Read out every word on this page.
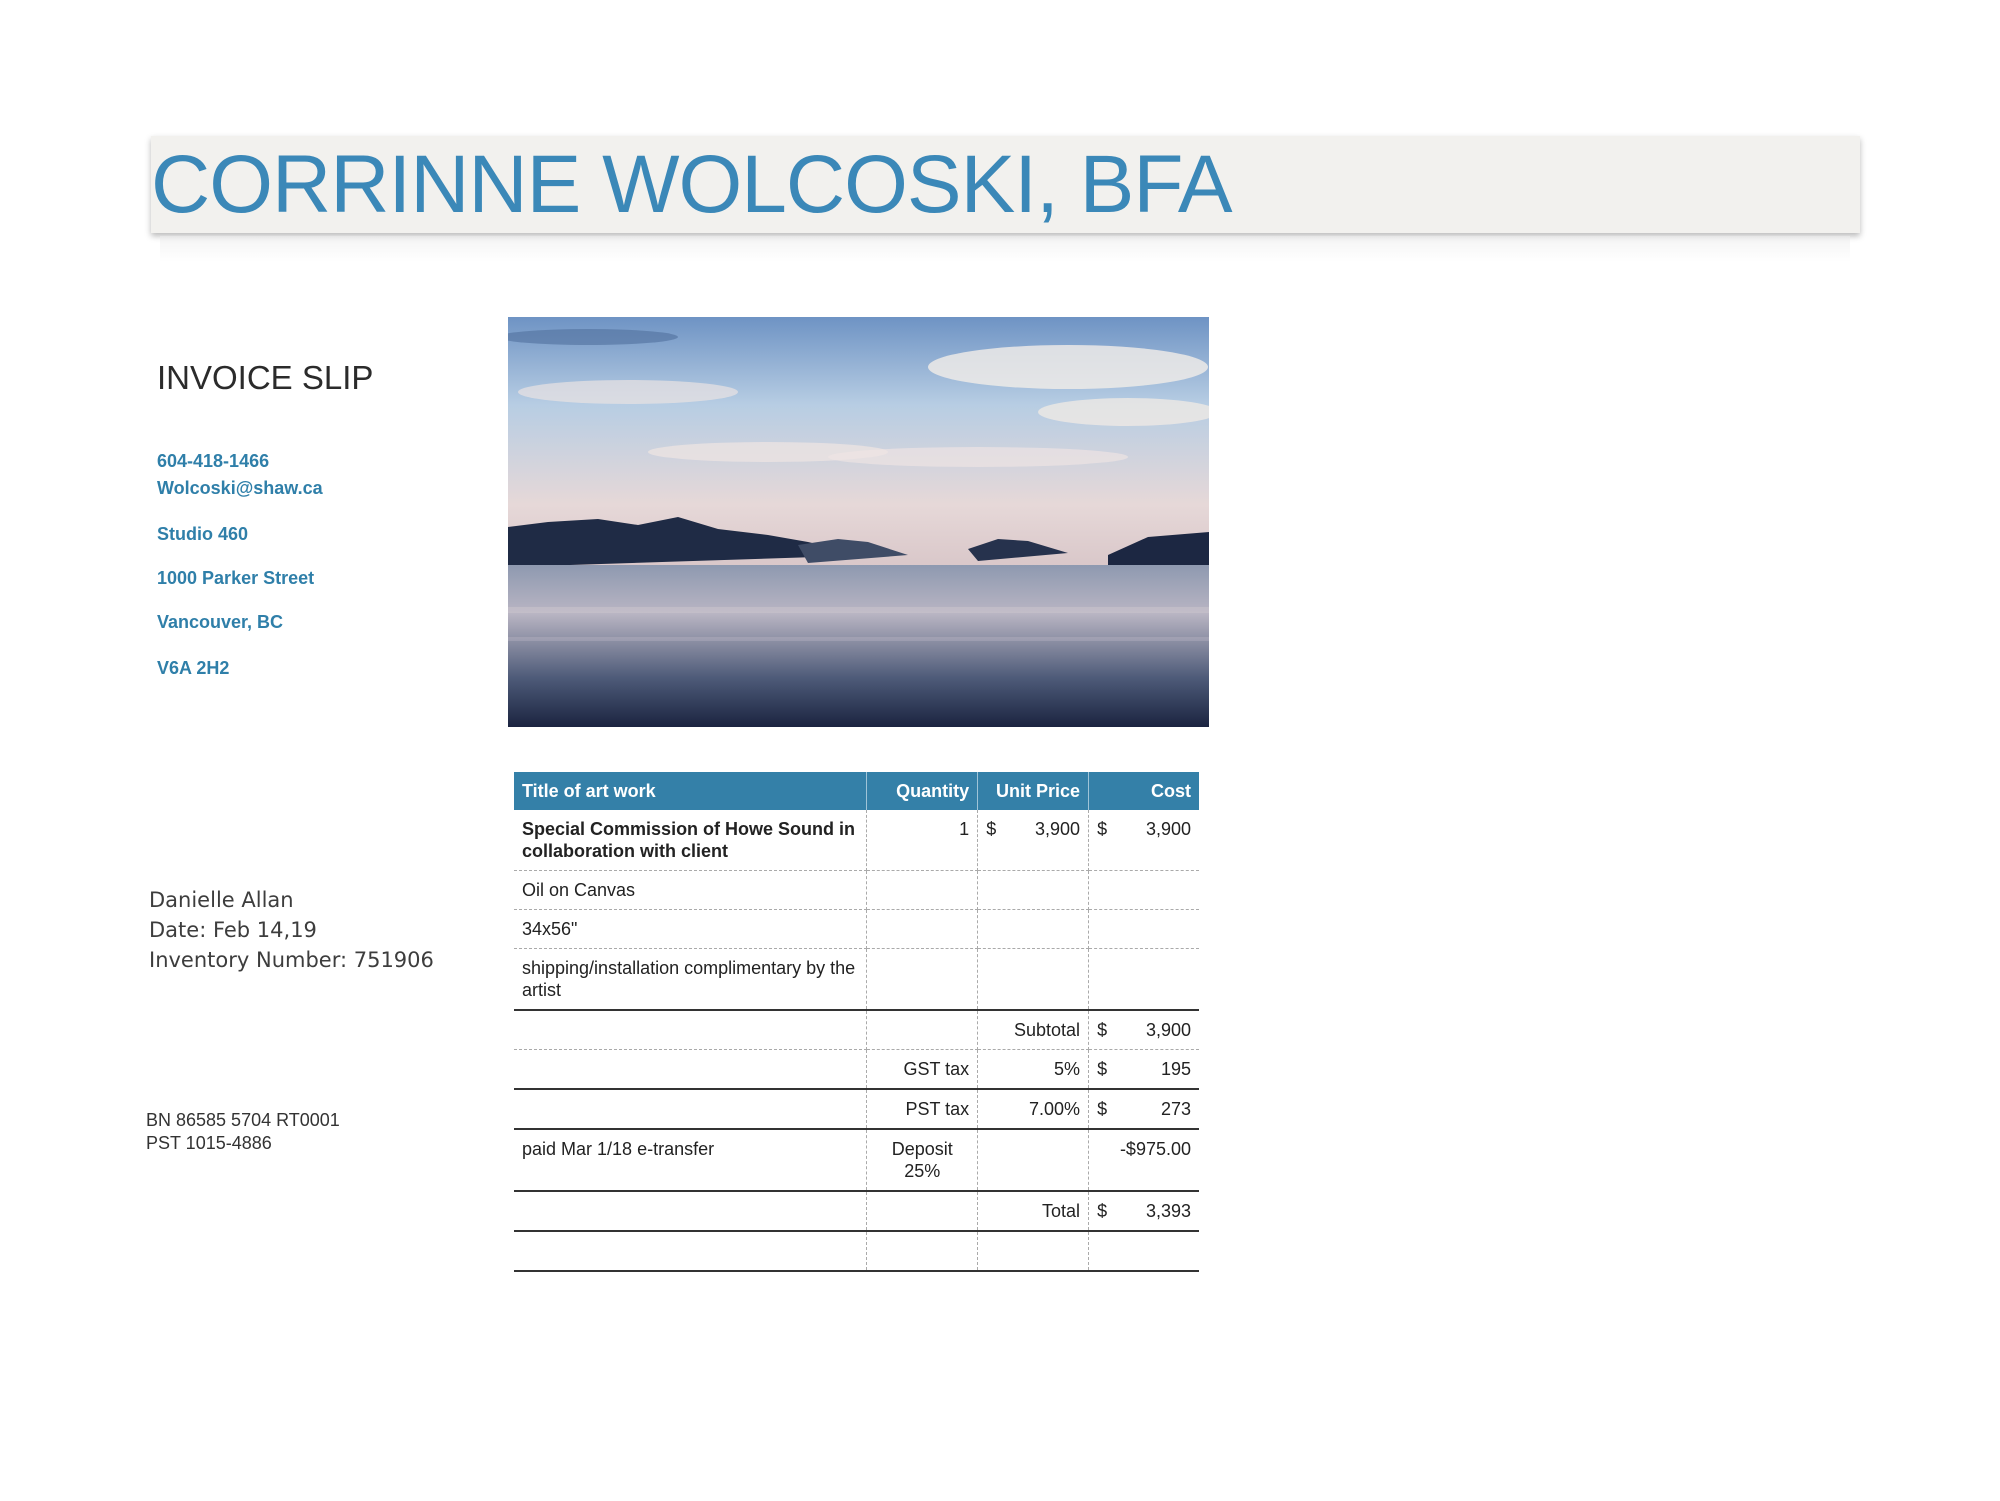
CORRINNE WOLCOSKI, BFA
INVOICE SLIP
604-418-1466
Wolcoski@shaw.ca
Studio 460
1000 Parker Street
Vancouver, BC
V6A 2H2
Danielle Allan
Date: Feb 14,19
Inventory Number: 751906
BN 86585 5704 RT0001
PST 1015-4886
Title of art work	Quantity	Unit Price	Cost
Special Commission of Howe Sound in collaboration with client	1	$ 3,900	$ 3,900
Oil on Canvas			
34x56"			
shipping/installation complimentary by the artist			
		Subtotal	$ 3,900
	GST tax	5%	$ 195
	PST tax	7.00%	$ 273
paid Mar 1/18 e-transfer	Deposit 25%		-$975.00
		Total	$ 3,393
